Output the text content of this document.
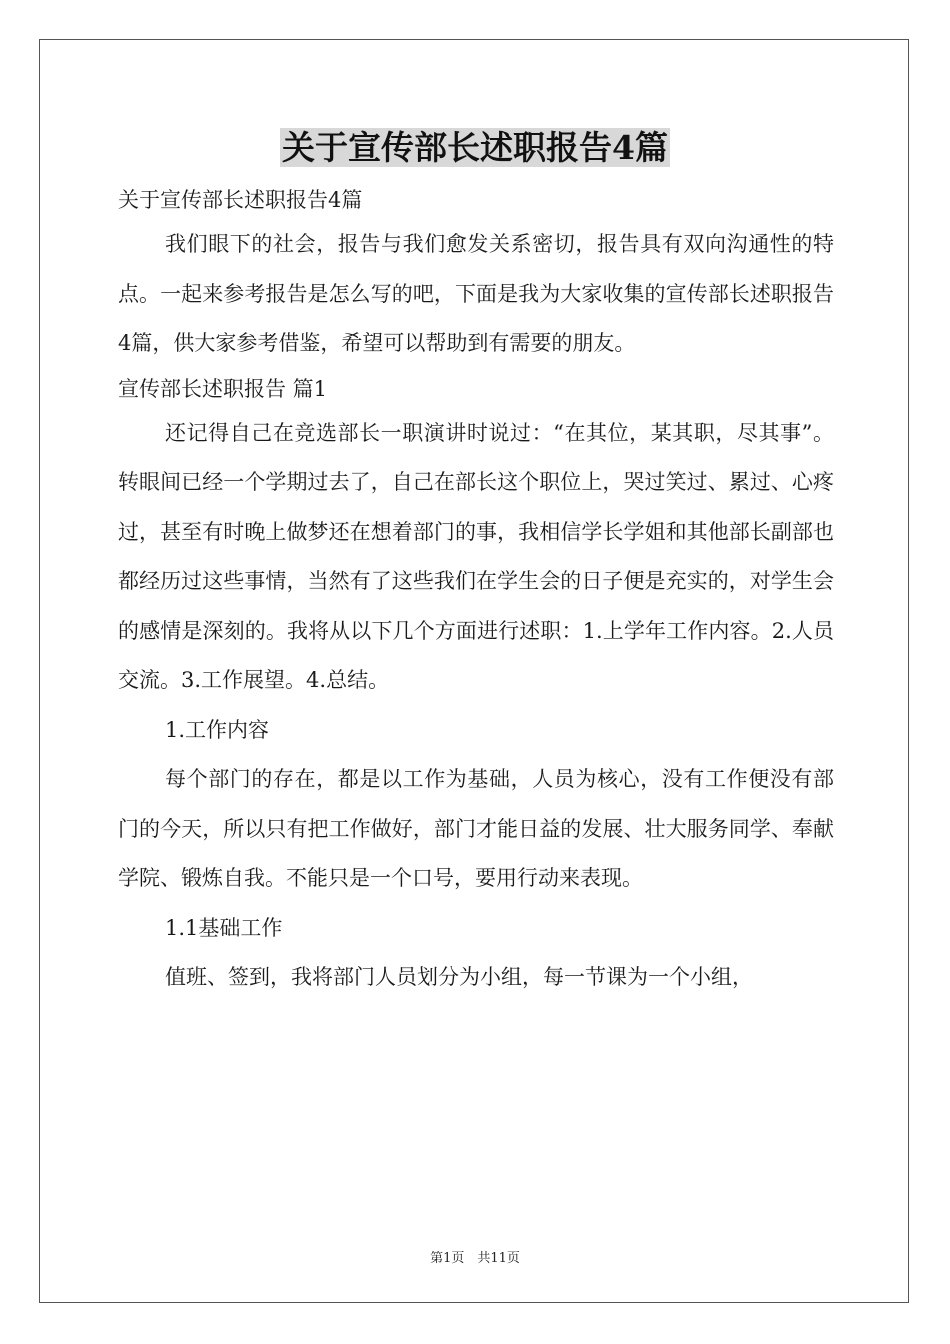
关于宣传部长述职报告4篇

关于宣传部长述职报告4篇

我们眼下的社会，报告与我们愈发关系密切，报告具有双向沟通性的特点。一起来参考报告是怎么写的吧，下面是我为大家收集的宣传部长述职报告4篇，供大家参考借鉴，希望可以帮助到有需要的朋友。

宣传部长述职报告 篇1

还记得自己在竞选部长一职演讲时说过：“在其位，某其职，尽其事”。转眼间已经一个学期过去了，自己在部长这个职位上，哭过笑过、累过、心疼过，甚至有时晚上做梦还在想着部门的事，我相信学长学姐和其他部长副部也都经历过这些事情，当然有了这些我们在学生会的日子便是充实的，对学生会的感情是深刻的。我将从以下几个方面进行述职：1.上学年工作内容。2.人员交流。3.工作展望。4.总结。

1.工作内容

每个部门的存在，都是以工作为基础，人员为核心，没有工作便没有部门的今天，所以只有把工作做好，部门才能日益的发展、壮大服务同学、奉献学院、锻炼自我。不能只是一个口号，要用行动来表现。

1.1基础工作

值班、签到，我将部门人员划分为小组，每一节课为一个小组，

第1页　共11页
